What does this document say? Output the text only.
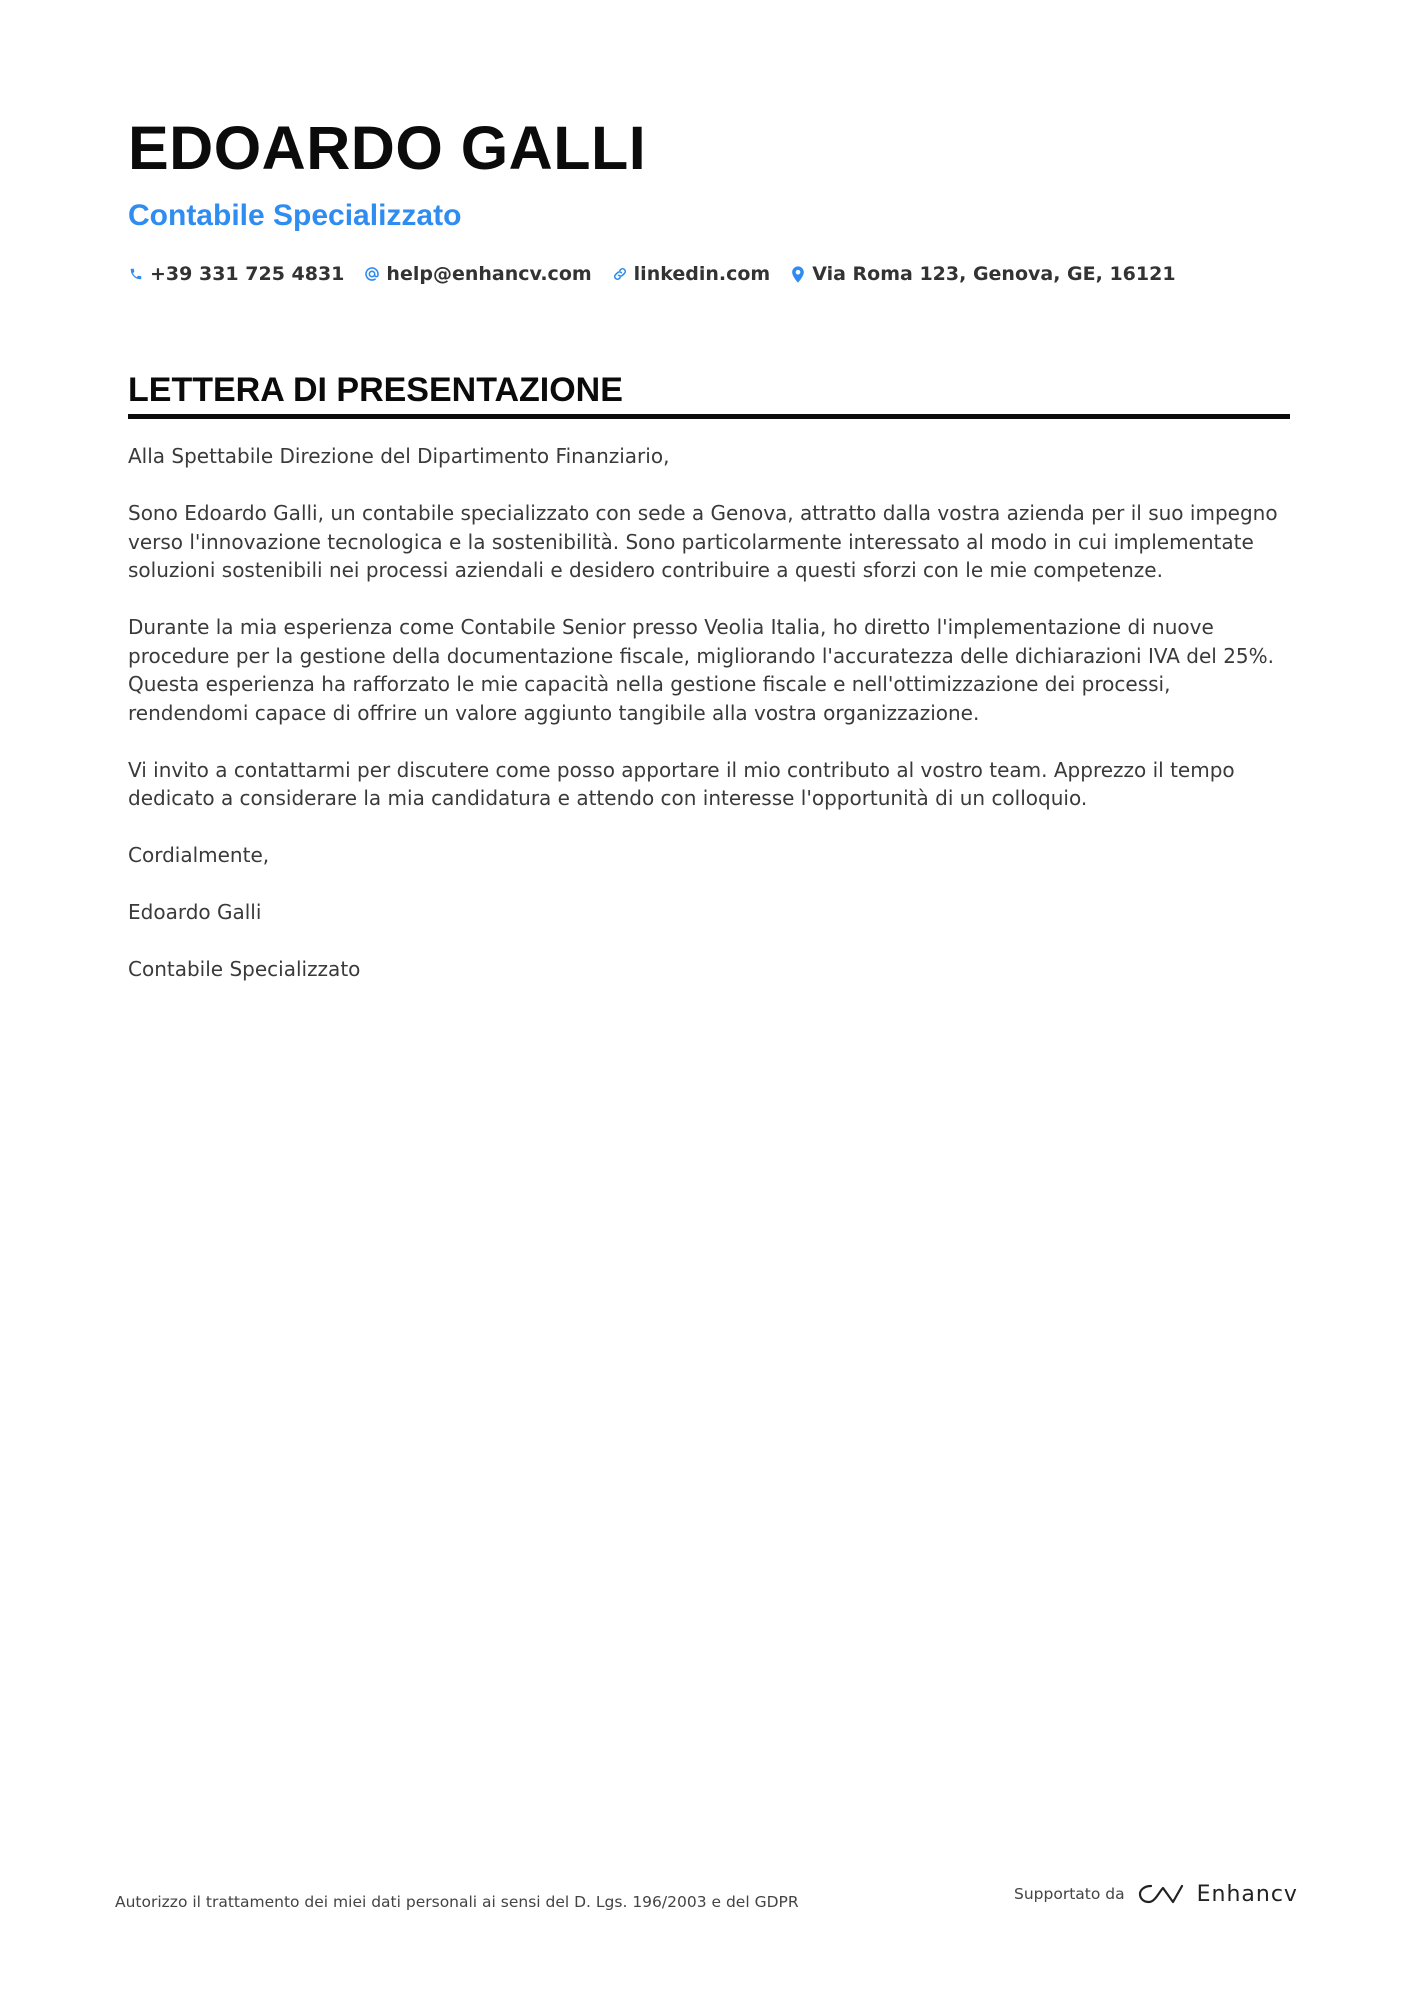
EDOARDO GALLI
Contabile Specializzato
+39 331 725 4831 help@enhancv.com linkedin.com Via Roma 123, Genova, GE, 16121
LETTERA DI PRESENTAZIONE

Alla Spettabile Direzione del Dipartimento Finanziario,

Sono Edoardo Galli, un contabile specializzato con sede a Genova, attratto dalla vostra azienda per il suo impegno verso l'innovazione tecnologica e la sostenibilità. Sono particolarmente interessato al modo in cui implementate soluzioni sostenibili nei processi aziendali e desidero contribuire a questi sforzi con le mie competenze.

Durante la mia esperienza come Contabile Senior presso Veolia Italia, ho diretto l'implementazione di nuove procedure per la gestione della documentazione fiscale, migliorando l'accuratezza delle dichiarazioni IVA del 25%. Questa esperienza ha rafforzato le mie capacità nella gestione fiscale e nell'ottimizzazione dei processi, rendendomi capace di offrire un valore aggiunto tangibile alla vostra organizzazione.

Vi invito a contattarmi per discutere come posso apportare il mio contributo al vostro team. Apprezzo il tempo dedicato a considerare la mia candidatura e attendo con interesse l'opportunità di un colloquio.

Cordialmente,

Edoardo Galli

Contabile Specializzato

Autorizzo il trattamento dei miei dati personali ai sensi del D. Lgs. 196/2003 e del GDPR	Supportato da	Enhancv
